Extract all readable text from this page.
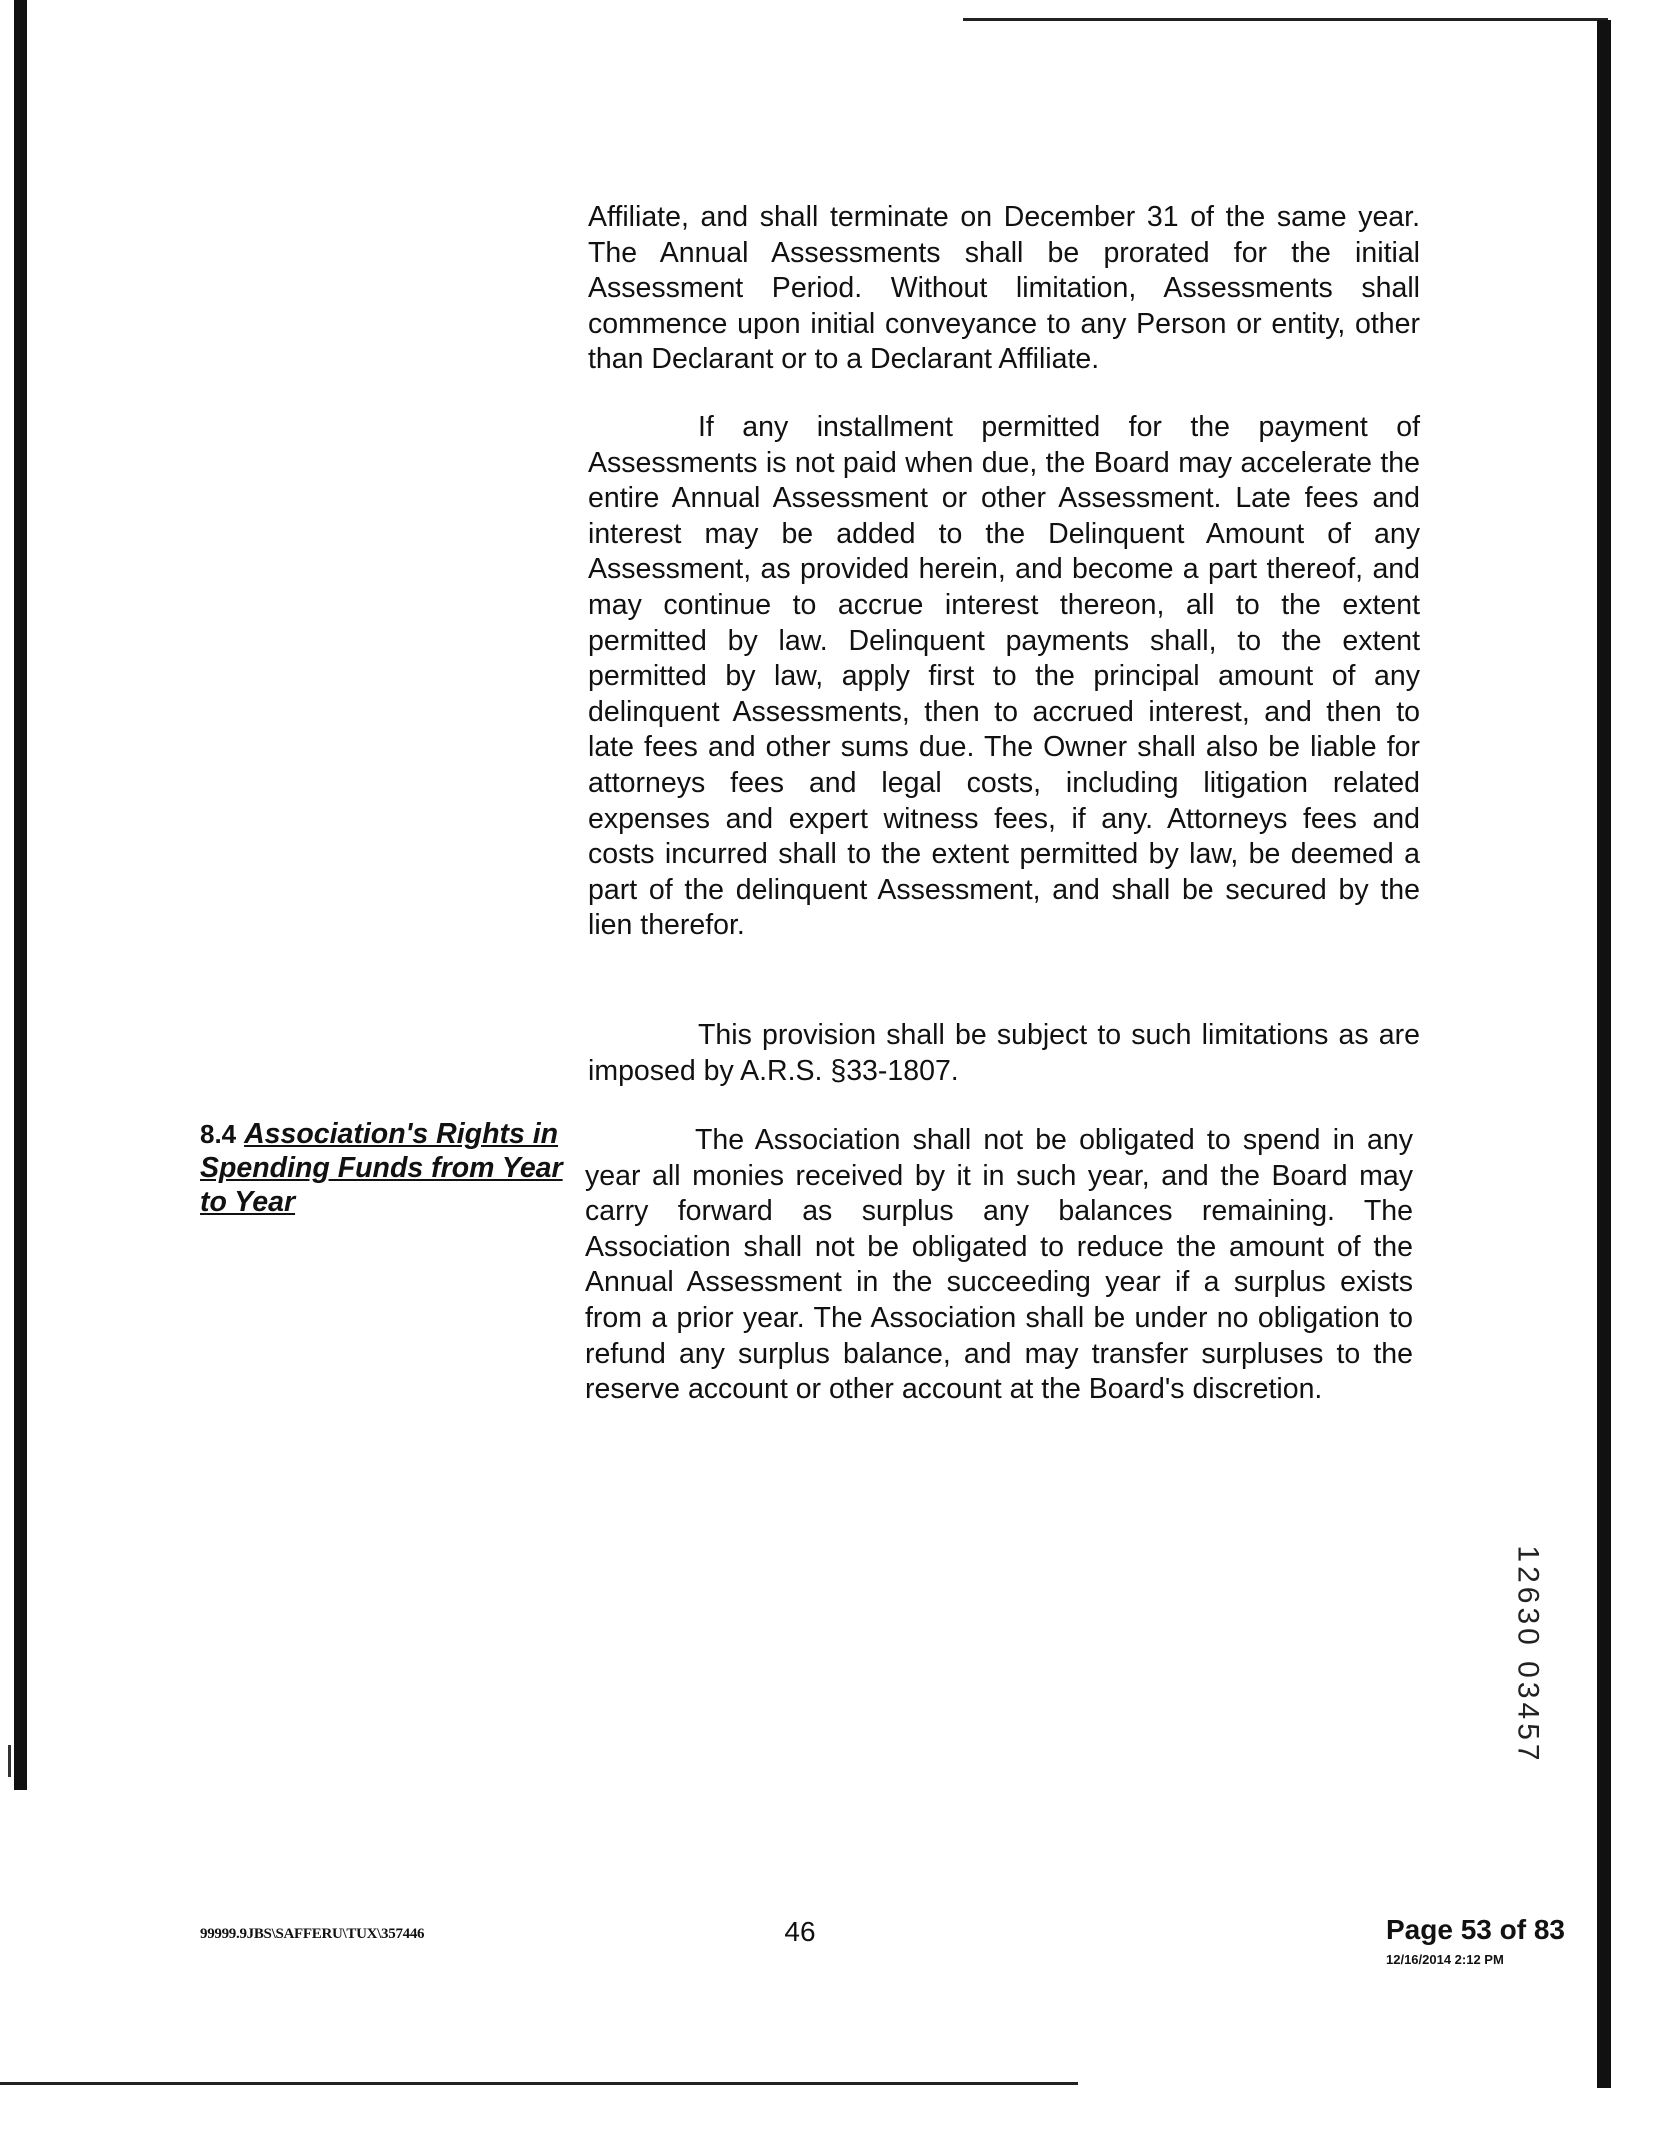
Affiliate, and shall terminate on December 31 of the same year. The Annual Assessments shall be prorated for the initial Assessment Period. Without limitation, Assessments shall commence upon initial conveyance to any Person or entity, other than Declarant or to a Declarant Affiliate.

If any installment permitted for the payment of Assessments is not paid when due, the Board may accelerate the entire Annual Assessment or other Assessment. Late fees and interest may be added to the Delinquent Amount of any Assessment, as provided herein, and become a part thereof, and may continue to accrue interest thereon, all to the extent permitted by law. Delinquent payments shall, to the extent permitted by law, apply first to the principal amount of any delinquent Assessments, then to accrued interest, and then to late fees and other sums due. The Owner shall also be liable for attorneys fees and legal costs, including litigation related expenses and expert witness fees, if any. Attorneys fees and costs incurred shall to the extent permitted by law, be deemed a part of the delinquent Assessment, and shall be secured by the lien therefor.

This provision shall be subject to such limitations as are imposed by A.R.S. §33-1807.

8.4 Association's Rights in Spending Funds from Year to Year

The Association shall not be obligated to spend in any year all monies received by it in such year, and the Board may carry forward as surplus any balances remaining. The Association shall not be obligated to reduce the amount of the Annual Assessment in the succeeding year if a surplus exists from a prior year. The Association shall be under no obligation to refund any surplus balance, and may transfer surpluses to the reserve account or other account at the Board's discretion.

12630 03457
99999.9JBS\SAFFERU\TUX\357446	46	Page 53 of 83
12/16/2014 2:12 PM
